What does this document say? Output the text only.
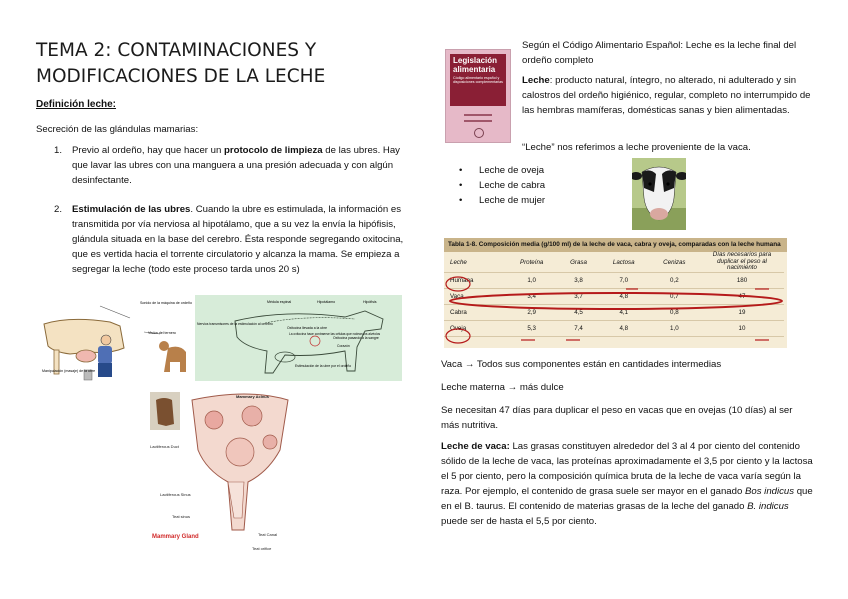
TEMA 2: CONTAMINACIONES Y
MODIFICACIONES DE LA LECHE
Definición leche:
Secreción de las glándulas mamarias:
1. Previo al ordeño, hay que hacer un protocolo de limpieza de las ubres. Hay que lavar las ubres con una manguera a una presión adecuada y con algún desinfectante.
2. Estimulación de las ubres. Cuando la ubre es estimulada, la información es transmitida por vía nerviosa al hipotálamo, que a su vez la envía la hipófisis, glándula situada en la base del cerebro. Ésta responde segregando oxitocina, que es vertida hacia el torrente circulatorio y alcanza la mama. Se empieza a segregar la leche (todo este proceso tarda unos 20 s)
Sonido de la máquina de ordeño
Visión del ternero
Manipulación (masaje) de la ubre
Médula espinal	Hipotálamo	Hipófisis
Nervios transmisores de la estimulación al cerebro
Oxitocina llevada a la ubre
La oxitocina hace contraerse las células que rodean los alvéolos
Oxitocina pasando a la sangre
Corazón
Estimulación de la ubre por el ordeño
Mammary Acinus
Lactiferous Duct
Lactiferous Sinus
Teat sinus
Teat Canal
Teat orifice
Mammary Gland
Legislación
alimentaria
Código alimentario español y disposiciones complementarias
Según el Código Alimentario Español: Leche es la leche final del ordeño completo
Leche: producto natural, íntegro, no alterado, ni adulterado y sin calostros del ordeño higiénico, regular, completo no interrumpido de las hembras mamíferas, domésticas sanas y bien alimentadas.
“Leche” nos referimos a leche proveniente de la vaca.
• Leche de oveja
• Leche de cabra
• Leche de mujer
Tabla 1-8. Composición media (g/100 ml) de la leche de vaca, cabra y oveja, comparadas con la leche humana
Leche	Proteína	Grasa	Lactosa	Cenizas	Días necesarios para duplicar el peso al nacimiento
Humana	1,0	3,8	7,0	0,2	180
Vaca	3,4	3,7	4,8	0,7	47
Cabra	2,9	4,5	4,1	0,8	19
Oveja	5,3	7,4	4,8	1,0	10
Vaca → Todos sus componentes están en cantidades intermedias
Leche materna → más dulce
Se necesitan 47 días para duplicar el peso en vacas que en ovejas (10 días) al ser más nutritiva.
Leche de vaca: Las grasas constituyen alrededor del 3 al 4 por ciento del contenido sólido de la leche de vaca, las proteínas aproximadamente el 3,5 por ciento y la lactosa el 5 por ciento, pero la composición química bruta de la leche de vaca varía según la raza. Por ejemplo, el contenido de grasa suele ser mayor en el ganado Bos indicus que en el B. taurus. El contenido de materias grasas de la leche del ganado B. indicus puede ser de hasta el 5,5 por ciento.
